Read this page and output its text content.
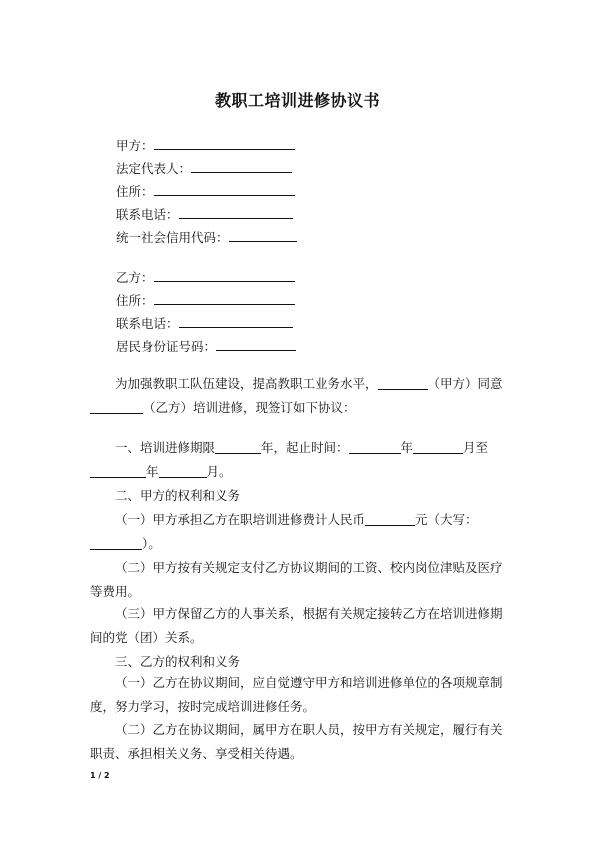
教职工培训进修协议书
甲方：
法定代表人：
住所：
联系电话：
统一社会信用代码：
乙方：
住所：
联系电话：
居民身份证号码：
为加强教职工队伍建设，提高教职工业务水平，	（甲方）同意（乙方）培训进修，现签订如下协议：
一、培训进修期限	年，起止时间：	年	月至年	月。
二、甲方的权利和义务
（一）甲方承担乙方在职培训进修费计人民币	元（大写：）。
（二）甲方按有关规定支付乙方协议期间的工资、校内岗位津贴及医疗等费用。
（三）甲方保留乙方的人事关系，根据有关规定接转乙方在培训进修期间的党（团）关系。
三、乙方的权利和义务
（一）乙方在协议期间，应自觉遵守甲方和培训进修单位的各项规章制度，努力学习，按时完成培训进修任务。
（二）乙方在协议期间，属甲方在职人员，按甲方有关规定，履行有关职责、承担相关义务、享受相关待遇。
1 / 2
